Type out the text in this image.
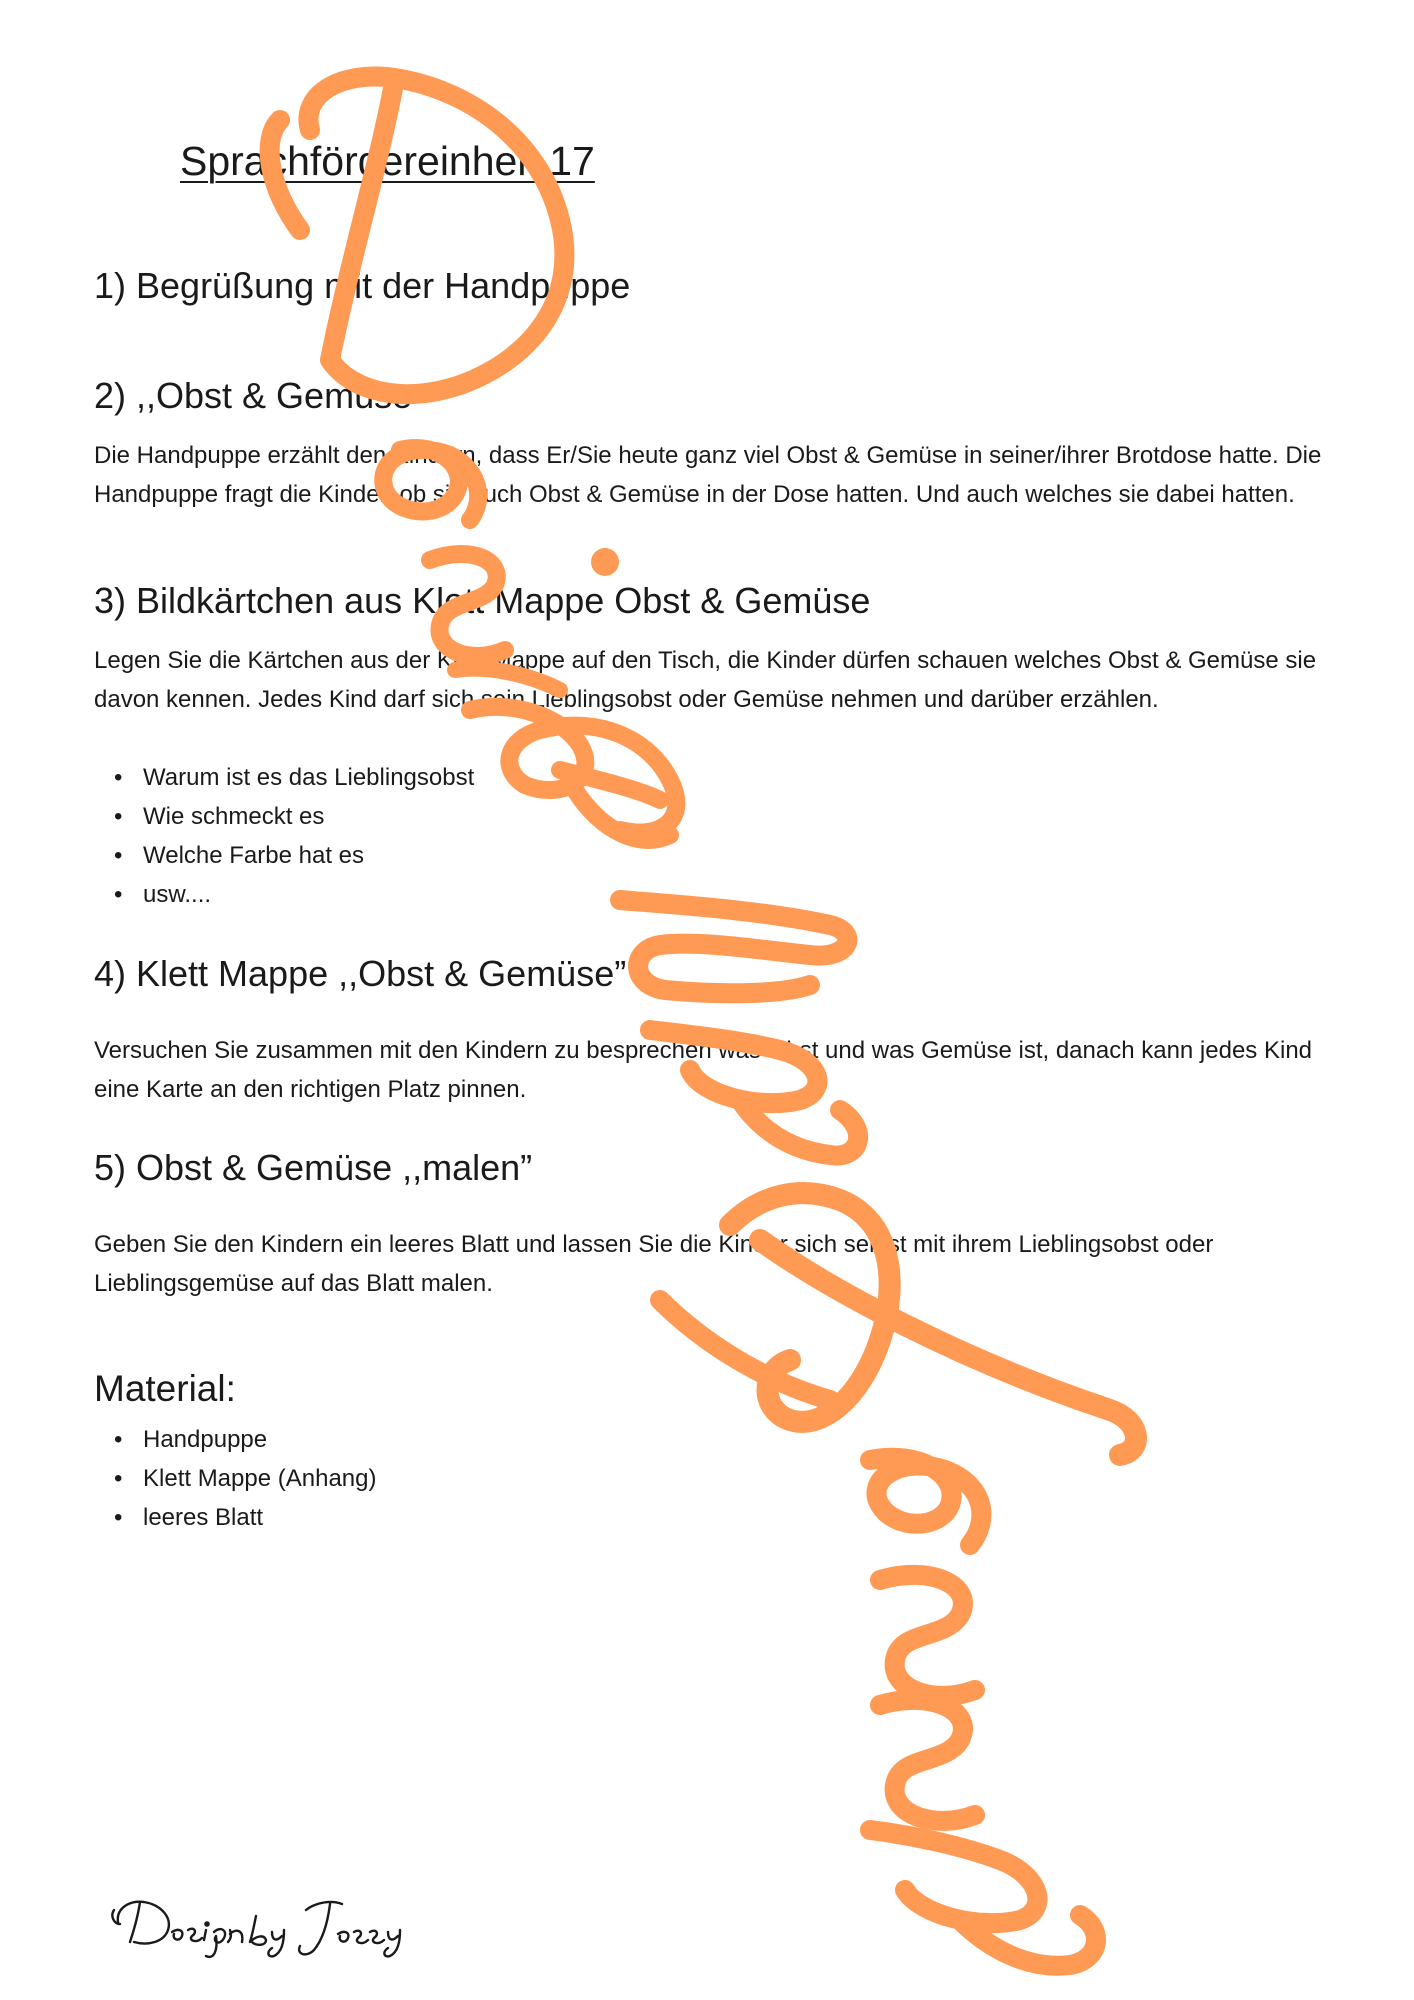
Sprachfördereinheit 17
1) Begrüßung mit der Handpuppe
2) ,,Obst & Gemüse

Die Handpuppe erzählt den Kindern, dass Er/Sie heute ganz viel Obst & Gemüse in seiner/ihrer Brotdose hatte. Die Handpuppe fragt die Kinder, ob sie auch Obst & Gemüse in der Dose hatten. Und auch welches sie dabei hatten.

3) Bildkärtchen aus Klett Mappe Obst & Gemüse

Legen Sie die Kärtchen aus der Klett Mappe auf den Tisch, die Kinder dürfen schauen welches Obst & Gemüse sie davon kennen. Jedes Kind darf sich sein Lieblingsobst oder Gemüse nehmen und darüber erzählen.

• Warum ist es das Lieblingsobst
• Wie schmeckt es
• Welche Farbe hat es
• usw....
4) Klett Mappe ,,Obst & Gemüse”

Versuchen Sie zusammen mit den Kindern zu besprechen was Obst und was Gemüse ist, danach kann jedes Kind eine Karte an den richtigen Platz pinnen.

5) Obst & Gemüse ,,malen”

Geben Sie den Kindern ein leeres Blatt und lassen Sie die Kinder sich selbst mit ihrem Lieblingsobst oder Lieblingsgemüse auf das Blatt malen.

Material:
• Handpuppe
• Klett Mappe (Anhang)
• leeres Blatt
